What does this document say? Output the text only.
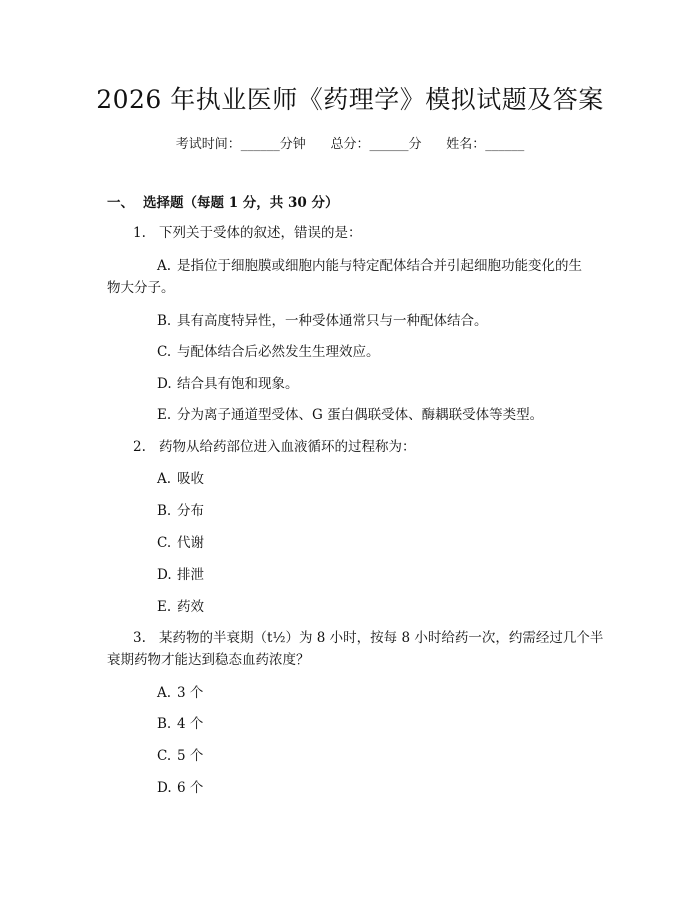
2026 年执业医师《药理学》模拟试题及答案
考试时间：______分钟      总分：______分      姓名：______
一、 选择题（每题 1 分，共 30 分）
1. 下列关于受体的叙述，错误的是：
A. 是指位于细胞膜或细胞内能与特定配体结合并引起细胞功能变化的生物大分子。
B. 具有高度特异性，一种受体通常只与一种配体结合。
C. 与配体结合后必然发生生理效应。
D. 结合具有饱和现象。
E. 分为离子通道型受体、G 蛋白偶联受体、酶耦联受体等类型。
2. 药物从给药部位进入血液循环的过程称为：
A. 吸收
B. 分布
C. 代谢
D. 排泄
E. 药效
3. 某药物的半衰期（t½）为 8 小时，按每 8 小时给药一次，约需经过几个半
衰期药物才能达到稳态血药浓度？
A. 3 个
B. 4 个
C. 5 个
D. 6 个
